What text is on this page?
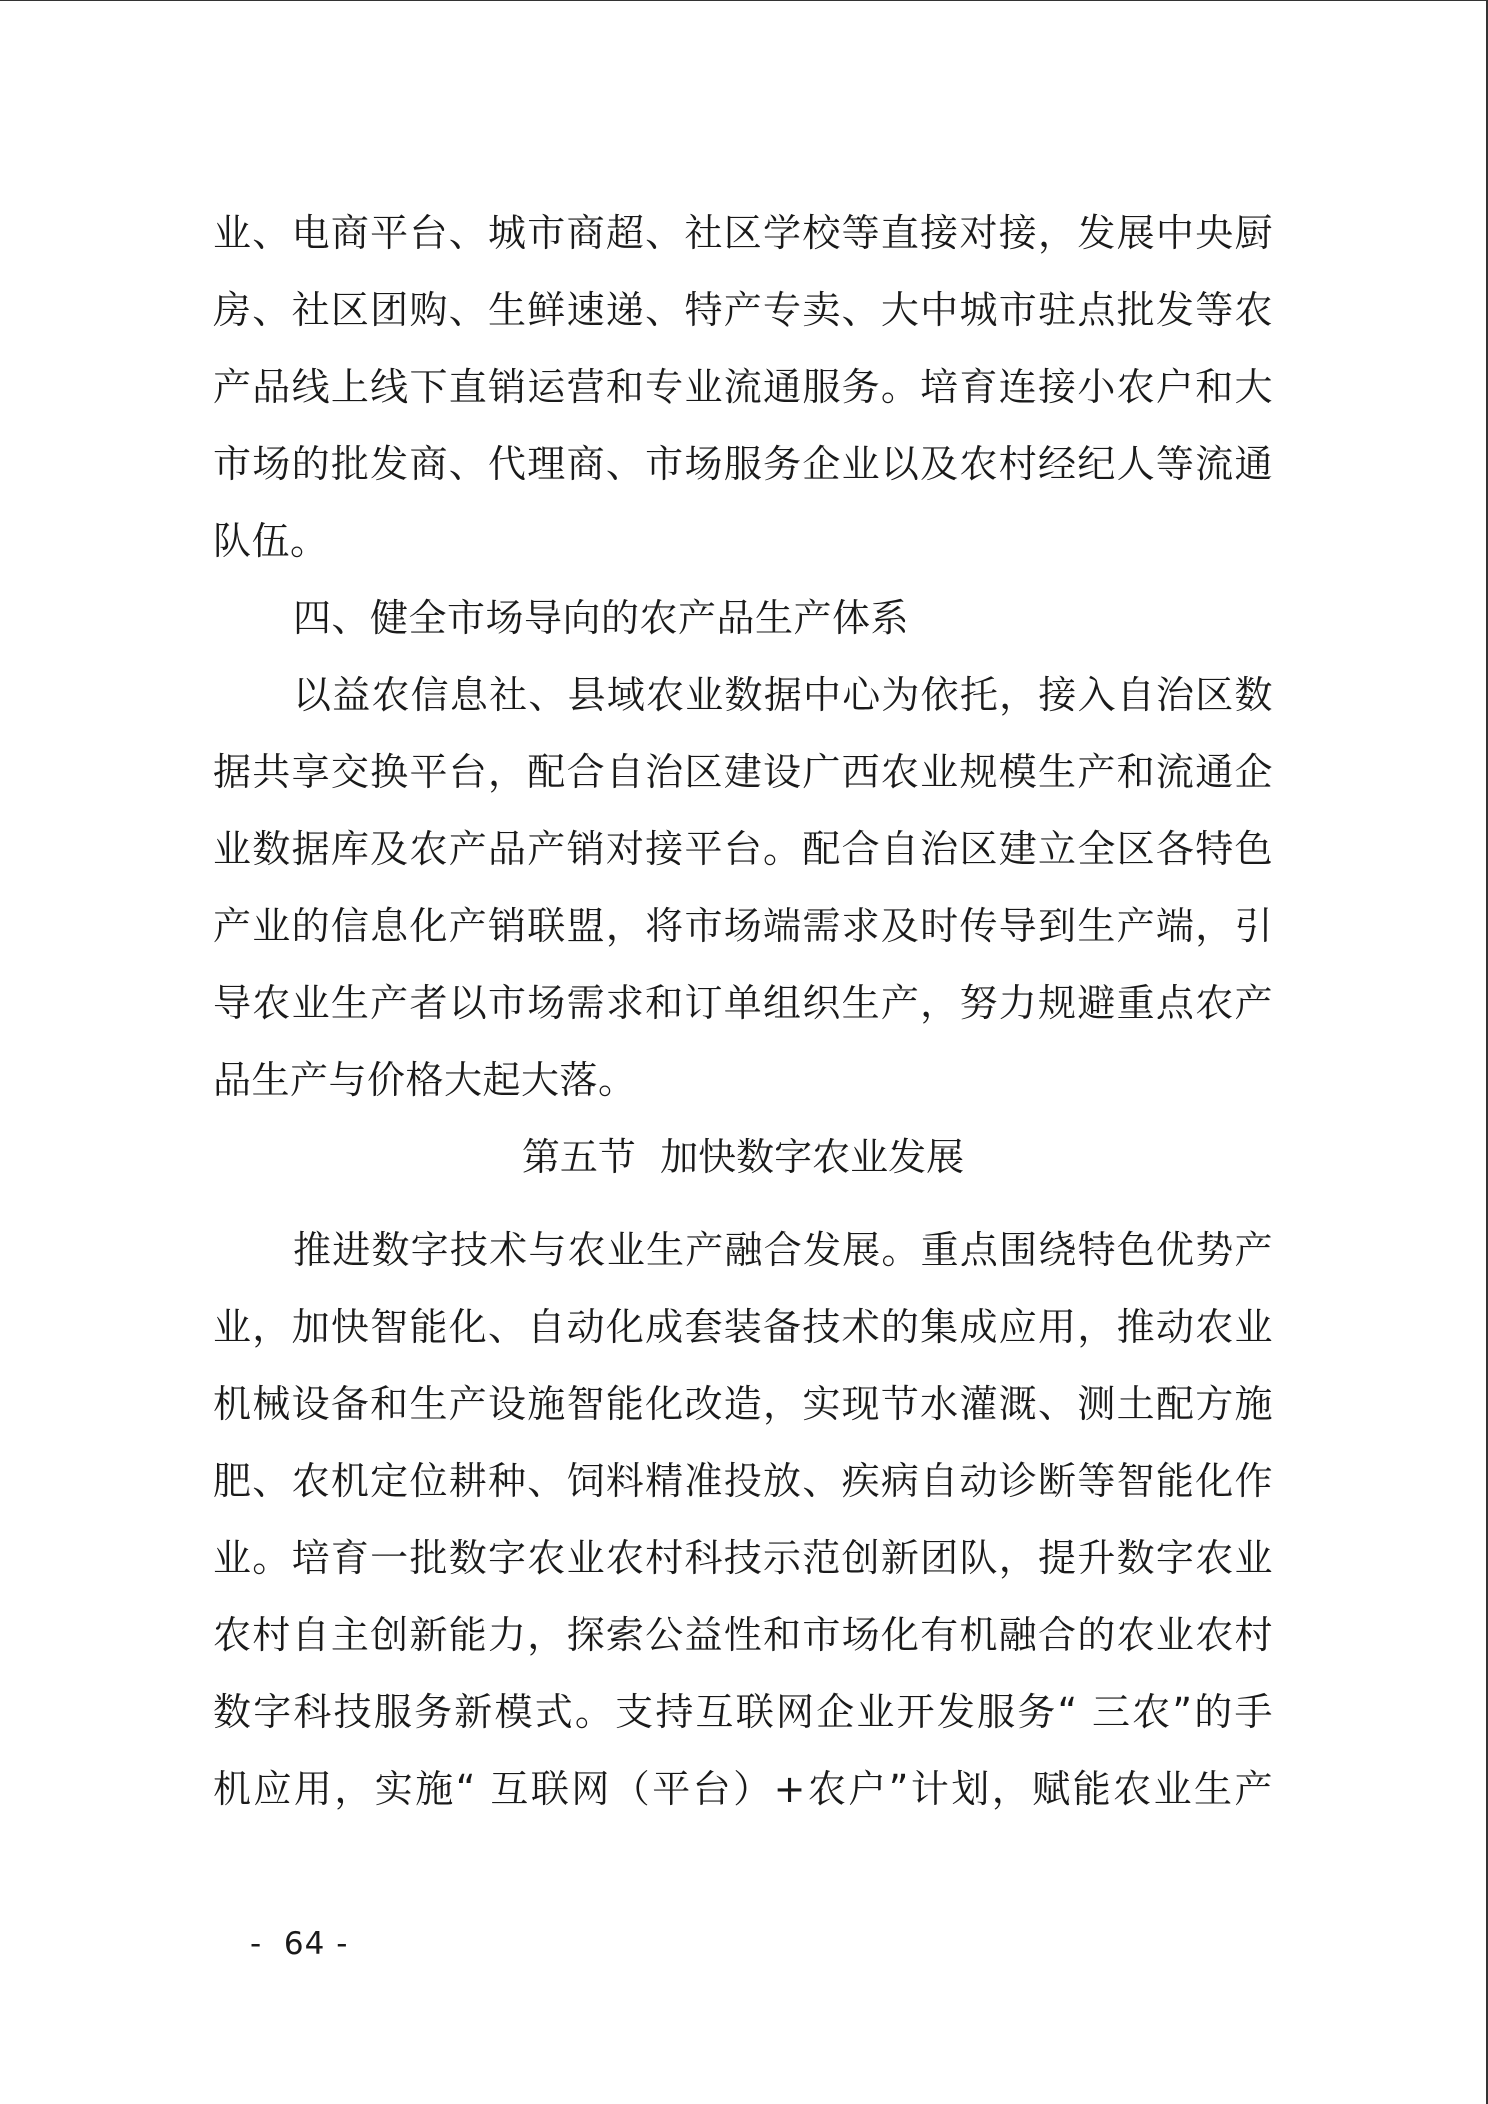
业、电商平台、城市商超、社区学校等直接对接，发展中央厨
房、社区团购、生鲜速递、特产专卖、大中城市驻点批发等农
产品线上线下直销运营和专业流通服务。培育连接小农户和大
市场的批发商、代理商、市场服务企业以及农村经纪人等流通
队伍。
四、健全市场导向的农产品生产体系
以益农信息社、县域农业数据中心为依托，接入自治区数
据共享交换平台，配合自治区建设广西农业规模生产和流通企
业数据库及农产品产销对接平台。配合自治区建立全区各特色
产业的信息化产销联盟，将市场端需求及时传导到生产端，引
导农业生产者以市场需求和订单组织生产，努力规避重点农产
品生产与价格大起大落。
第五节  加快数字农业发展
推进数字技术与农业生产融合发展。重点围绕特色优势产
业，加快智能化、自动化成套装备技术的集成应用，推动农业
机械设备和生产设施智能化改造，实现节水灌溉、测土配方施
肥、农机定位耕种、饲料精准投放、疾病自动诊断等智能化作
业。培育一批数字农业农村科技示范创新团队，提升数字农业
农村自主创新能力，探索公益性和市场化有机融合的农业农村
数字科技服务新模式。支持互联网企业开发服务“ 三农”的手
机应用，实施“ 互联网（平台）+农户”计划，赋能农业生产
-  64 -
